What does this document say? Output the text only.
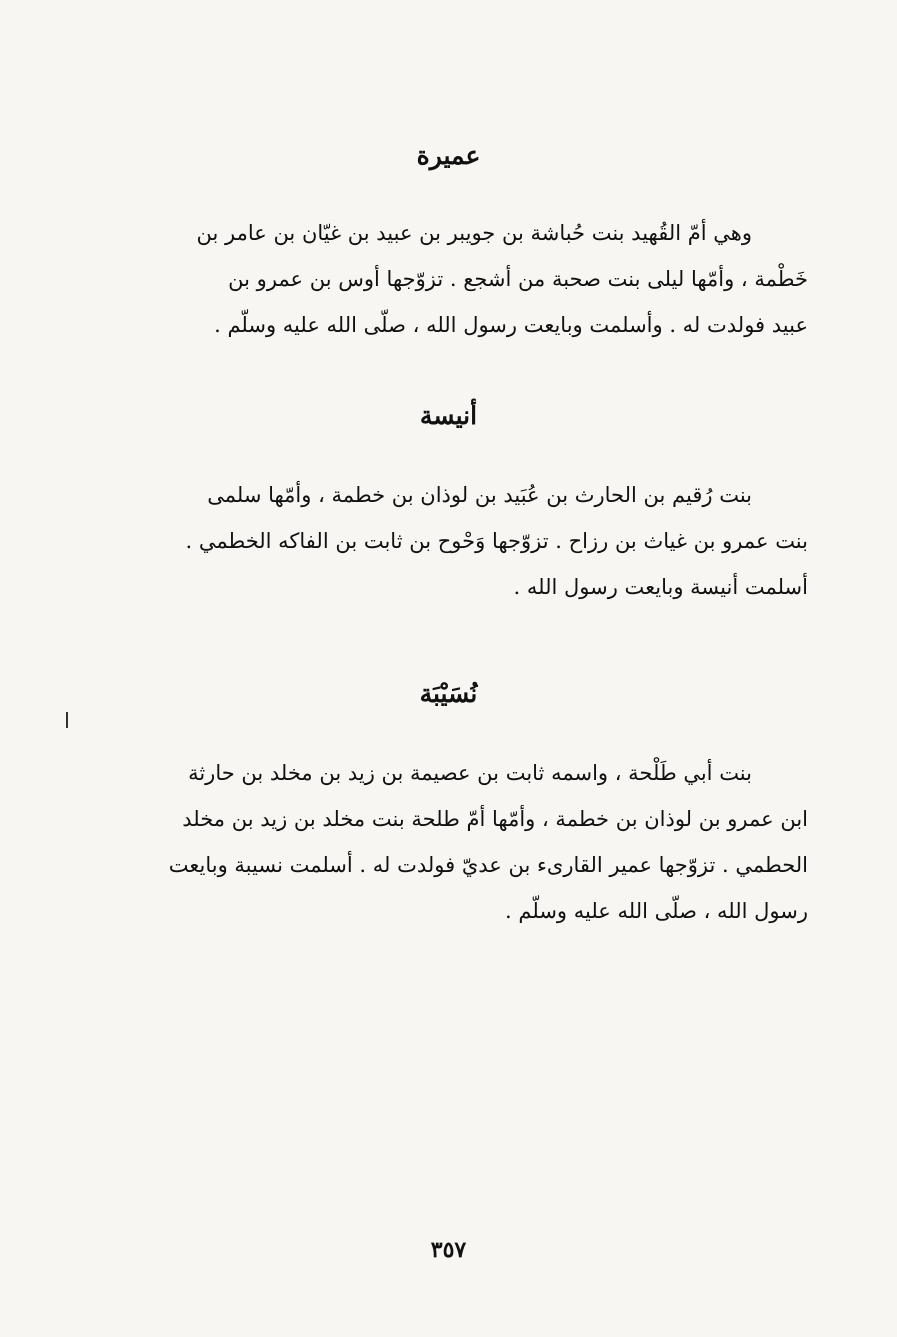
عميرة
وهي أمّ القُهيد بنت حُباشة بن جويبر بن عبيد بن غيّان بن عامر بن
خَطْمة ، وأمّها ليلى بنت صحبة من أشجع . تزوّجها أوس بن عمرو بن
عبيد فولدت له . وأسلمت وبايعت رسول الله ، صلّى الله عليه وسلّم .
أنيسة
بنت رُقيم بن الحارث بن عُبَيد بن لوذان بن خطمة ، وأمّها سلمى
بنت عمرو بن غياث بن رزاح . تزوّجها وَحْوح بن ثابت بن الفاكه الخطمي .
أسلمت أنيسة وبايعت رسول الله .
نُسَيْبَة
بنت أبي طَلْحة ، واسمه ثابت بن عصيمة بن زيد بن مخلد بن حارثة
ابن عمرو بن لوذان بن خطمة ، وأمّها أمّ طلحة بنت مخلد بن زيد بن مخلد
الحطمي . تزوّجها عمير القارىء بن عديّ فولدت له . أسلمت نسيبة وبايعت
رسول الله ، صلّى الله عليه وسلّم .
٣٥٧
